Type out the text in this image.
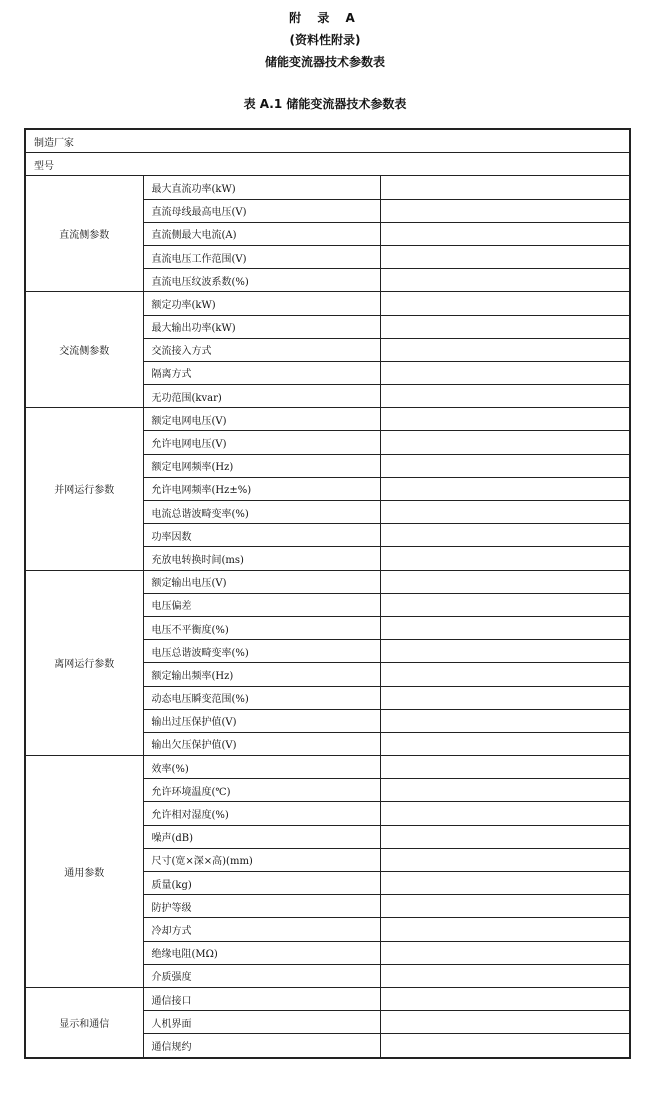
附 录 A
(资料性附录)
储能变流器技术参数表
表 A.1 储能变流器技术参数表
制造厂家		
型号		
直流侧参数	最大直流功率(kW)	
	直流母线最高电压(V)	
	直流侧最大电流(A)	
	直流电压工作范围(V)	
	直流电压纹波系数(%)	
交流侧参数	额定功率(kW)	
	最大输出功率(kW)	
	交流接入方式	
	隔离方式	
	无功范围(kvar)	
并网运行参数	额定电网电压(V)	
	允许电网电压(V)	
	额定电网频率(Hz)	
	允许电网频率(Hz±%)	
	电流总谐波畸变率(%)	
	功率因数	
	充放电转换时间(ms)	
离网运行参数	额定输出电压(V)	
	电压偏差	
	电压不平衡度(%)	
	电压总谐波畸变率(%)	
	额定输出频率(Hz)	
	动态电压瞬变范围(%)	
	输出过压保护值(V)	
	输出欠压保护值(V)	
通用参数	效率(%)	
	允许环境温度(℃)	
	允许相对湿度(%)	
	噪声(dB)	
	尺寸(宽×深×高)(mm)	
	质量(kg)	
	防护等级	
	冷却方式	
	绝缘电阻(MΩ)	
	介质强度	
显示和通信	通信接口	
	人机界面	
	通信规约	
